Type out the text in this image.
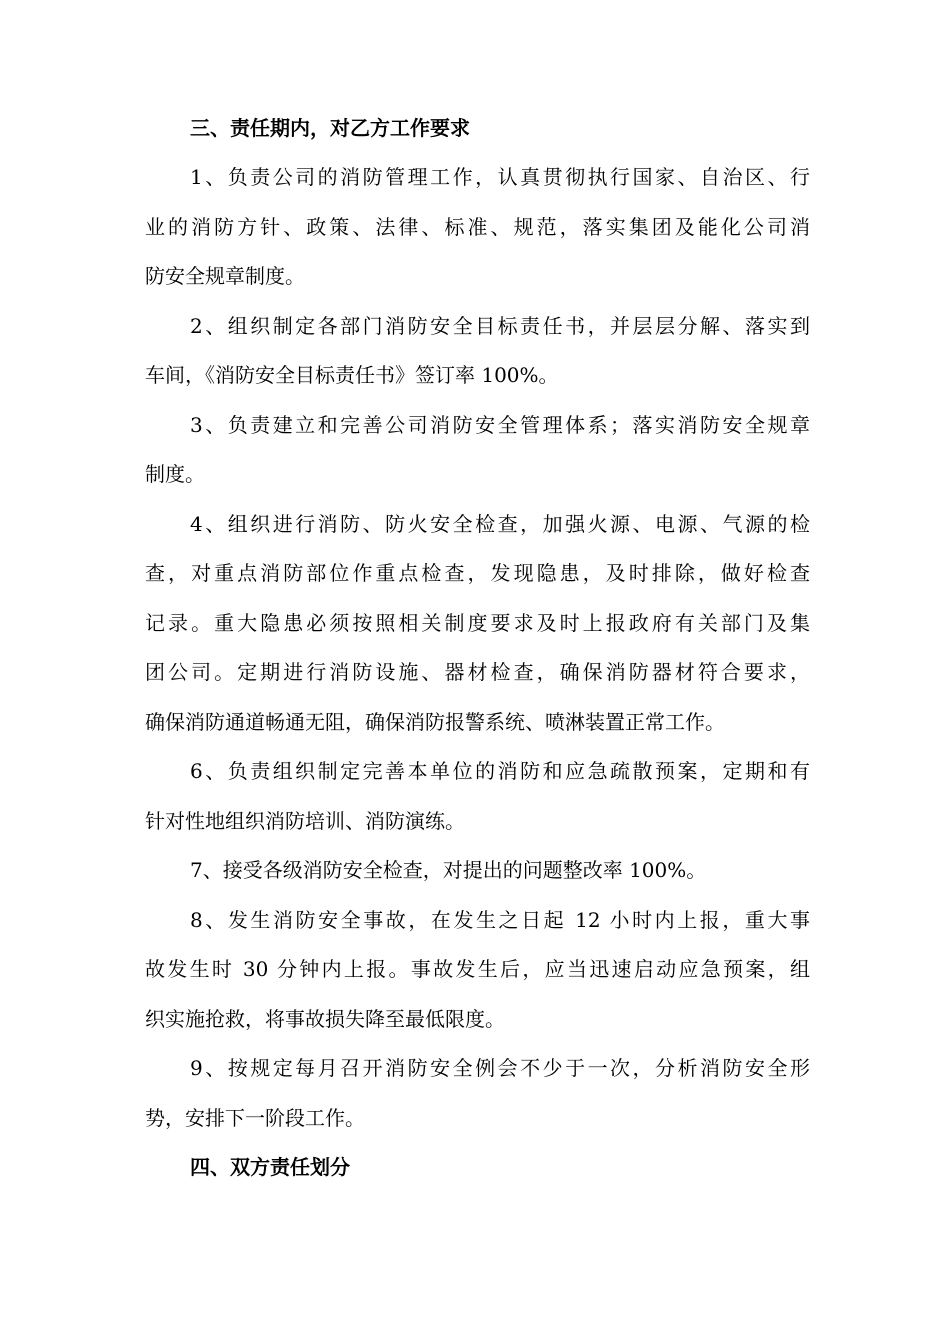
三、责任期内，对乙方工作要求
1、负责公司的消防管理工作，认真贯彻执行国家、自治区、行
业的消防方针、政策、法律、标准、规范，落实集团及能化公司消
防安全规章制度。
2、组织制定各部门消防安全目标责任书，并层层分解、落实到
车间，《消防安全目标责任书》签订率 100%。
3、负责建立和完善公司消防安全管理体系；落实消防安全规章
制度。
4、组织进行消防、防火安全检查，加强火源、电源、气源的检
查，对重点消防部位作重点检查，发现隐患，及时排除，做好检查
记录。重大隐患必须按照相关制度要求及时上报政府有关部门及集
团公司。定期进行消防设施、器材检查，确保消防器材符合要求，
确保消防通道畅通无阻，确保消防报警系统、喷淋装置正常工作。
6、负责组织制定完善本单位的消防和应急疏散预案，定期和有
针对性地组织消防培训、消防演练。
7、接受各级消防安全检查，对提出的问题整改率 100%。
8、发生消防安全事故，在发生之日起 12 小时内上报，重大事
故发生时 30 分钟内上报。事故发生后，应当迅速启动应急预案，组
织实施抢救，将事故损失降至最低限度。
9、按规定每月召开消防安全例会不少于一次，分析消防安全形
势，安排下一阶段工作。
四、双方责任划分
